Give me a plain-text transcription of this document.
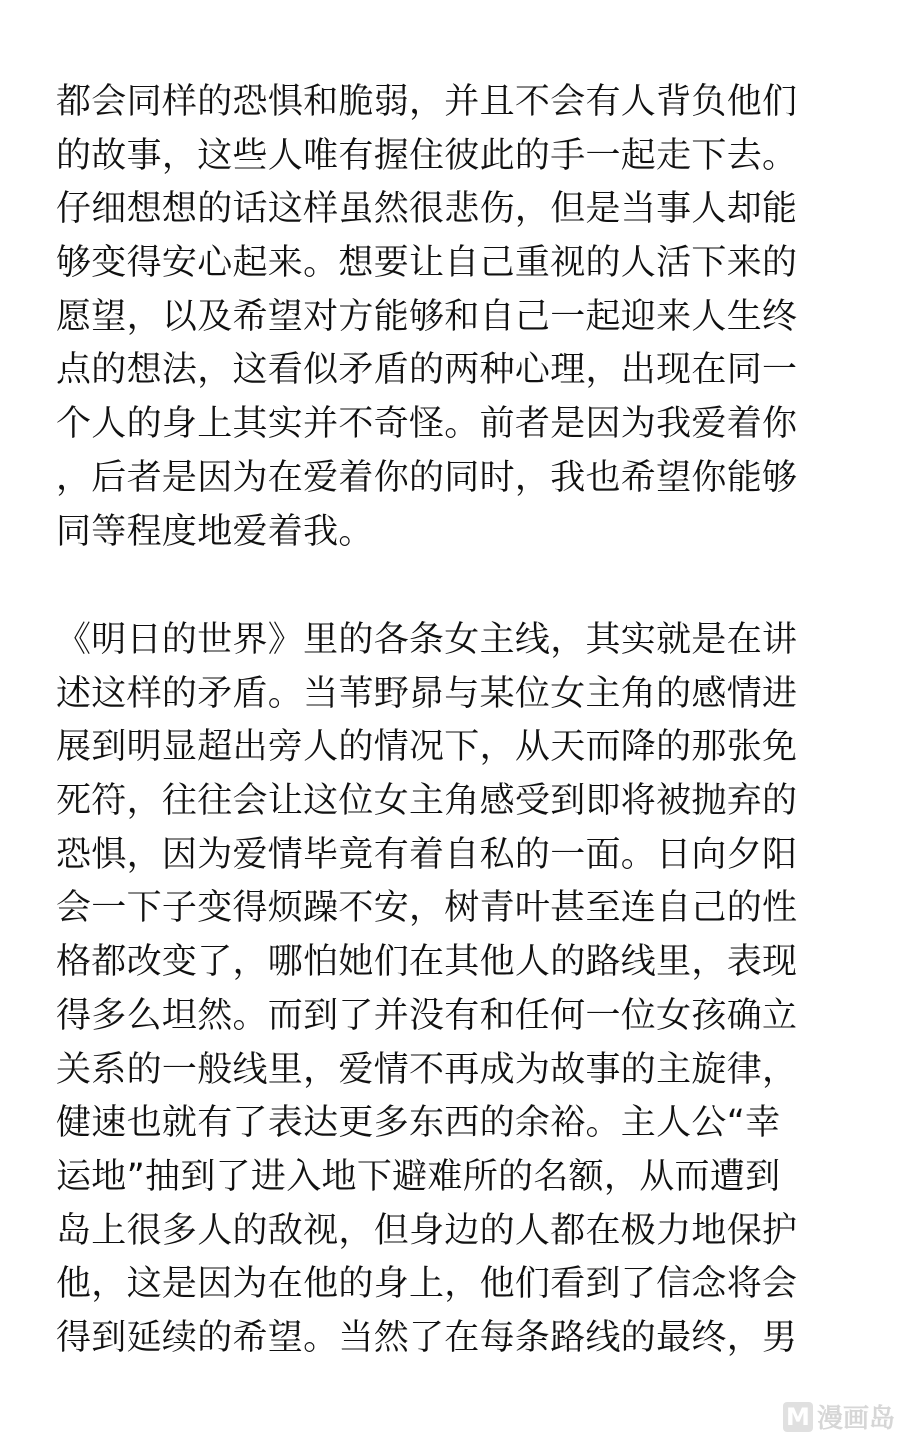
都会同样的恐惧和脆弱，并且不会有人背负他们
的故事，这些人唯有握住彼此的手一起走下去。
仔细想想的话这样虽然很悲伤，但是当事人却能
够变得安心起来。想要让自己重视的人活下来的
愿望，以及希望对方能够和自己一起迎来人生终
点的想法，这看似矛盾的两种心理，出现在同一
个人的身上其实并不奇怪。前者是因为我爱着你
，后者是因为在爱着你的同时，我也希望你能够
同等程度地爱着我。
《明日的世界》里的各条女主线，其实就是在讲
述这样的矛盾。当苇野昴与某位女主角的感情进
展到明显超出旁人的情况下，从天而降的那张免
死符，往往会让这位女主角感受到即将被抛弃的
恐惧，因为爱情毕竟有着自私的一面。日向夕阳
会一下子变得烦躁不安，树青叶甚至连自己的性
格都改变了，哪怕她们在其他人的路线里，表现
得多么坦然。而到了并没有和任何一位女孩确立
关系的一般线里，爱情不再成为故事的主旋律，
健速也就有了表达更多东西的余裕。主人公“幸
运地”抽到了进入地下避难所的名额，从而遭到
岛上很多人的敌视，但身边的人都在极力地保护
他，这是因为在他的身上，他们看到了信念将会
得到延续的希望。当然了在每条路线的最终，男
M 漫画岛
